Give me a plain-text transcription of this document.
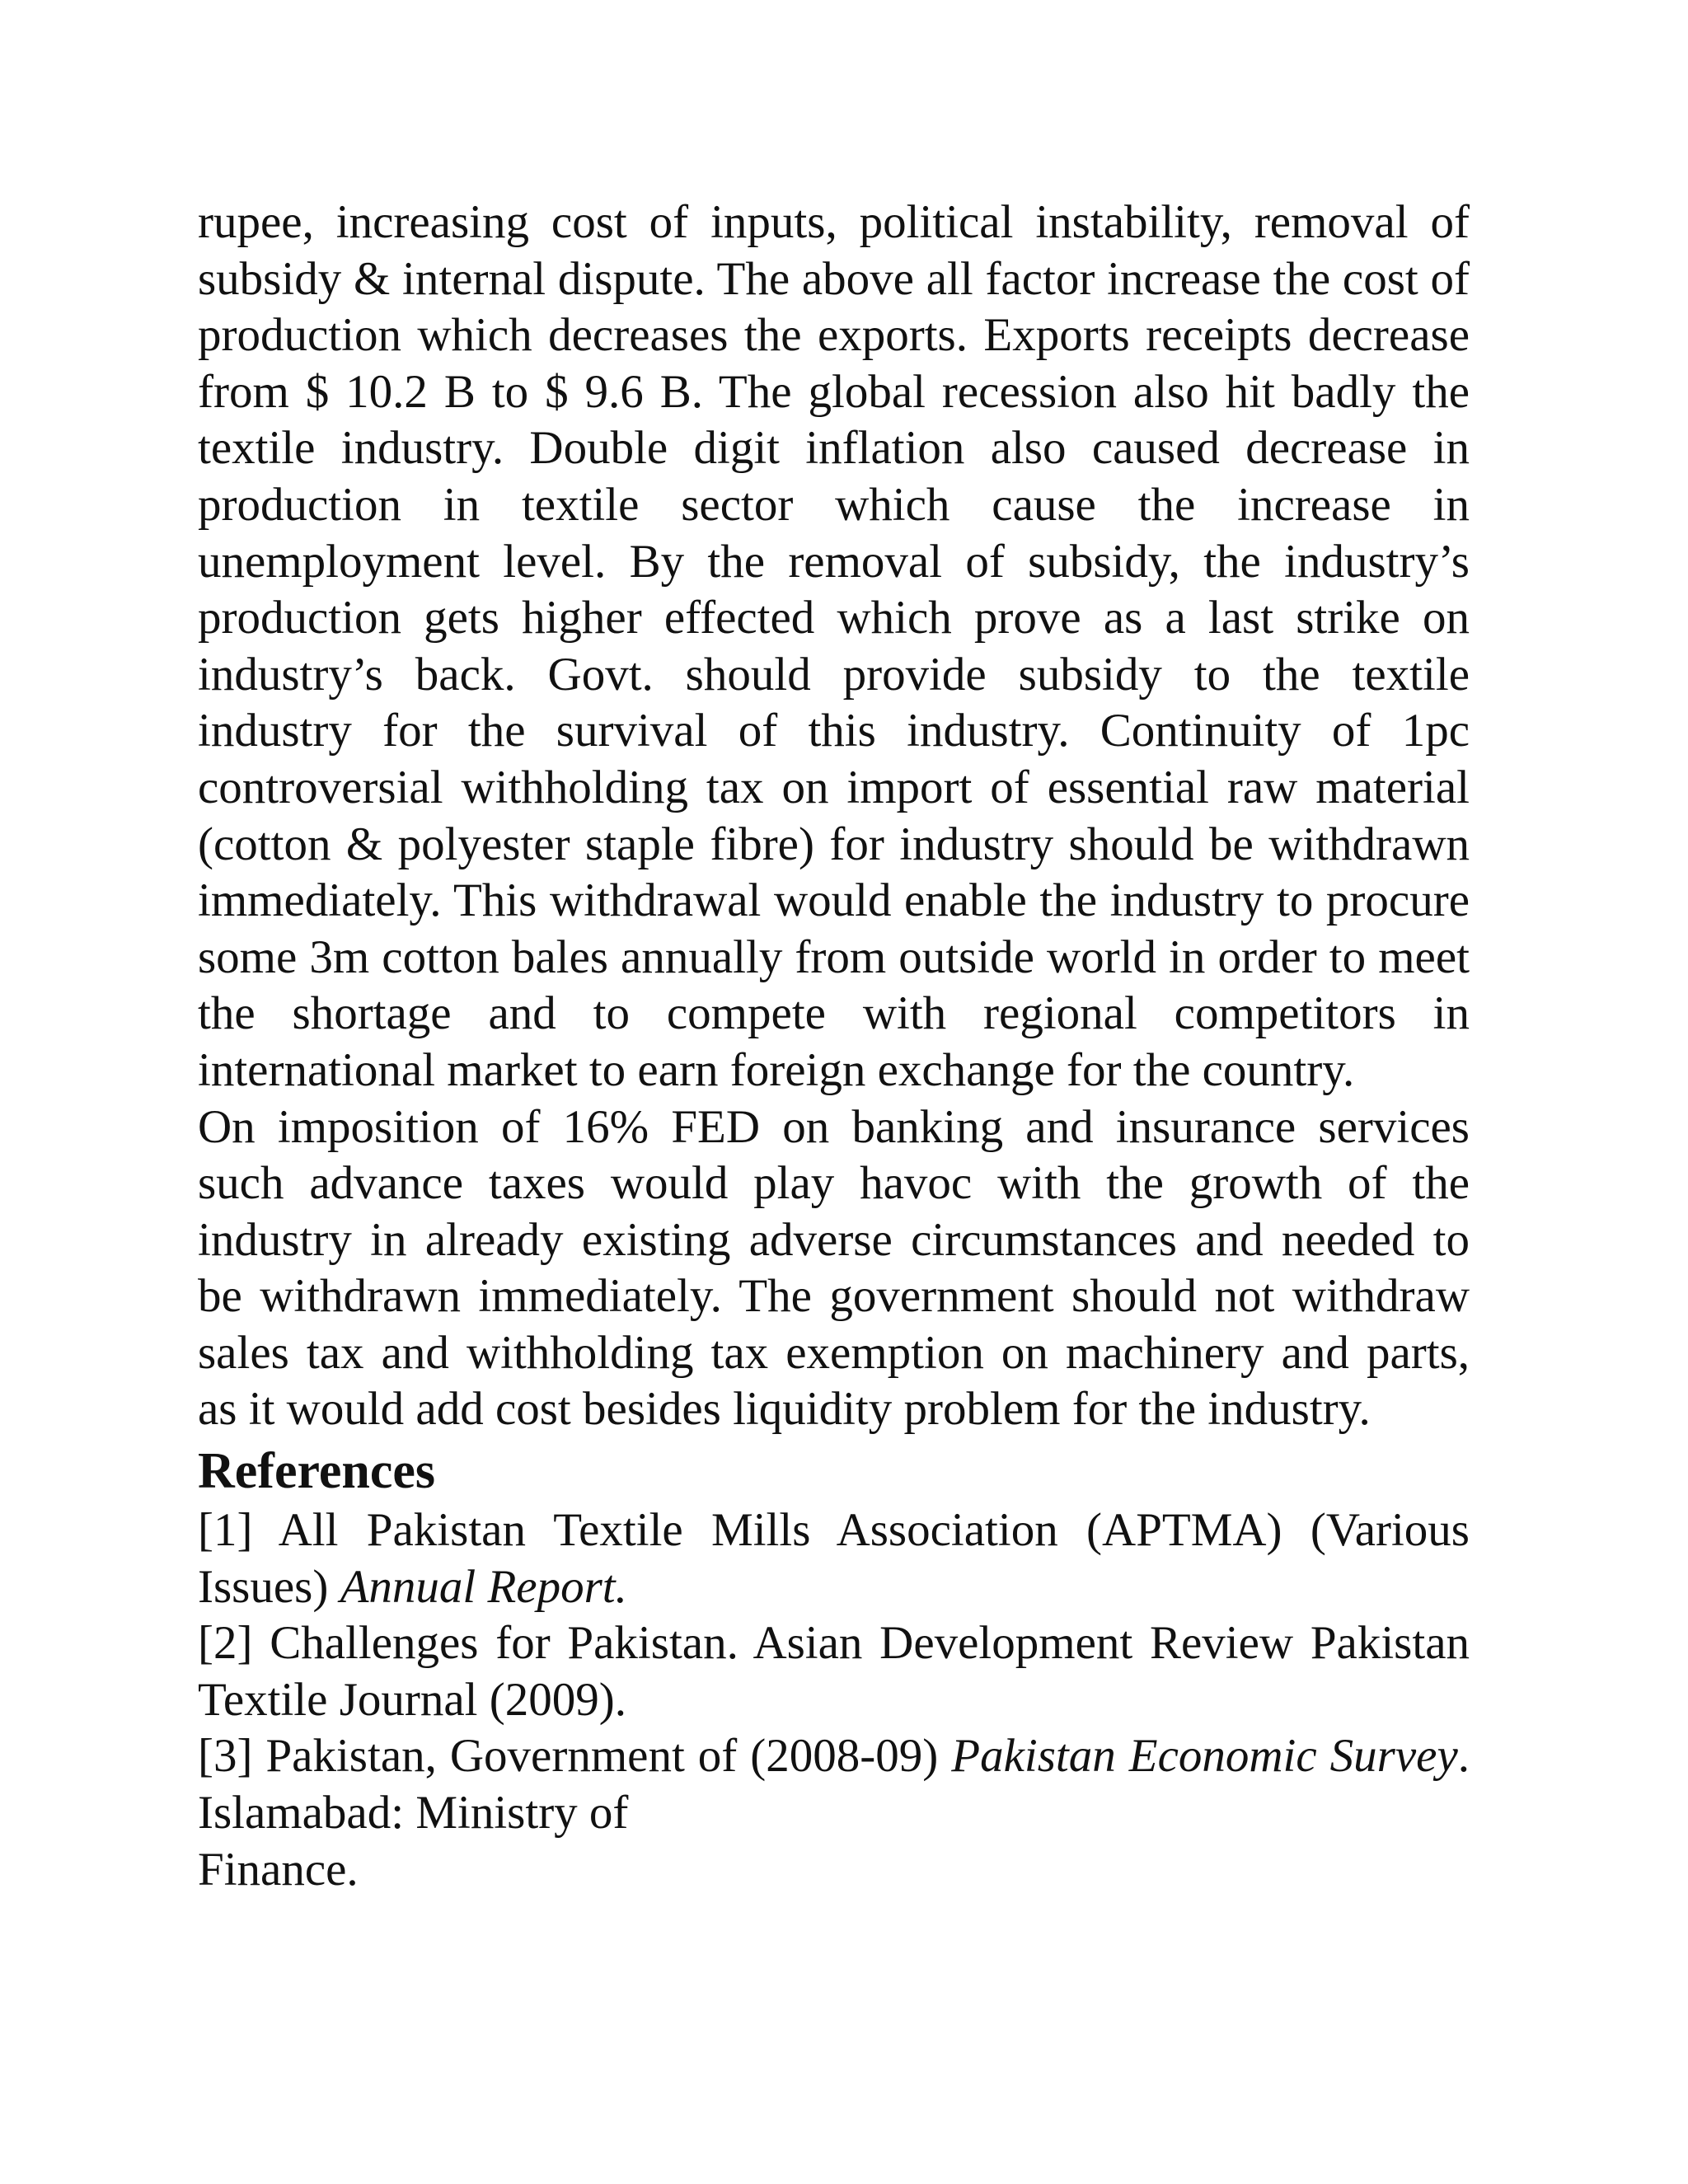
rupee, increasing cost of inputs, political instability, removal of subsidy & internal dispute. The above all factor increase the cost of production which decreases the exports. Exports receipts decrease from $ 10.2 B to $ 9.6 B. The global recession also hit badly the textile industry. Double digit inflation also caused decrease in production in textile sector which cause the increase in unemployment level. By the removal of subsidy, the industry’s production gets higher effected which prove as a last strike on industry’s back. Govt. should provide subsidy to the textile industry for the survival of this industry. Continuity of 1pc controversial withholding tax on import of essential raw material (cotton & polyester staple fibre) for industry should be withdrawn immediately. This withdrawal would enable the industry to procure some 3m cotton bales annually from outside world in order to meet the shortage and to compete with regional competitors in international market to earn foreign exchange for the country.

On imposition of 16% FED on banking and insurance services such advance taxes would play havoc with the growth of the industry in already existing adverse circumstances and needed to be withdrawn immediately. The government should not withdraw sales tax and withholding tax exemption on machinery and parts, as it would add cost besides liquidity problem for the industry.

References

[1] All Pakistan Textile Mills Association (APTMA) (Various Issues) Annual Report.

[2] Challenges for Pakistan. Asian Development Review Pakistan Textile Journal (2009).

[3] Pakistan, Government of (2008-09) Pakistan Economic Survey. Islamabad: Ministry of
Finance.
